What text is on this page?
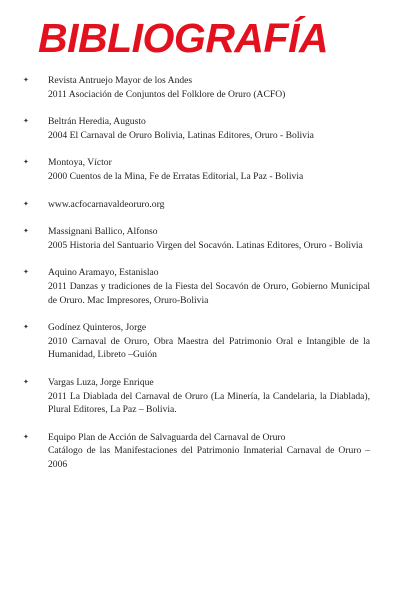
BIBLIOGRAFÍA
✦ Revista Antruejo Mayor de los Andes
2011 Asociación de Conjuntos del Folklore de Oruro (ACFO)
✦ Beltrán Heredia, Augusto
2004 El Carnaval de Oruro Bolivia, Latinas Editores, Oruro - Bolivia
✦ Montoya, Víctor
2000 Cuentos de la Mina, Fe de Erratas Editorial, La Paz - Bolivia
✦ www.acfocarnavaldeoruro.org
✦ Massignani Ballico, Alfonso
2005 Historia del Santuario Virgen del Socavón. Latinas Editores, Oruro - Bolivia
✦ Aquino Aramayo, Estanislao
2011 Danzas y tradiciones de la Fiesta del Socavón de Oruro, Gobierno Municipal de Oruro. Mac Impresores, Oruro-Bolivia
✦ Godínez Quinteros, Jorge
2010 Carnaval de Oruro, Obra Maestra del Patrimonio Oral e Intangible de la Humanidad, Libreto –Guión
✦ Vargas Luza, Jorge Enrique
2011 La Diablada del Carnaval de Oruro (La Minería, la Candelaria, la Diablada), Plural Editores, La Paz – Bolivia.
✦ Equipo Plan de Acción de Salvaguarda del Carnaval de Oruro
Catálogo de las Manifestaciones del Patrimonio Inmaterial Carnaval de Oruro – 2006
